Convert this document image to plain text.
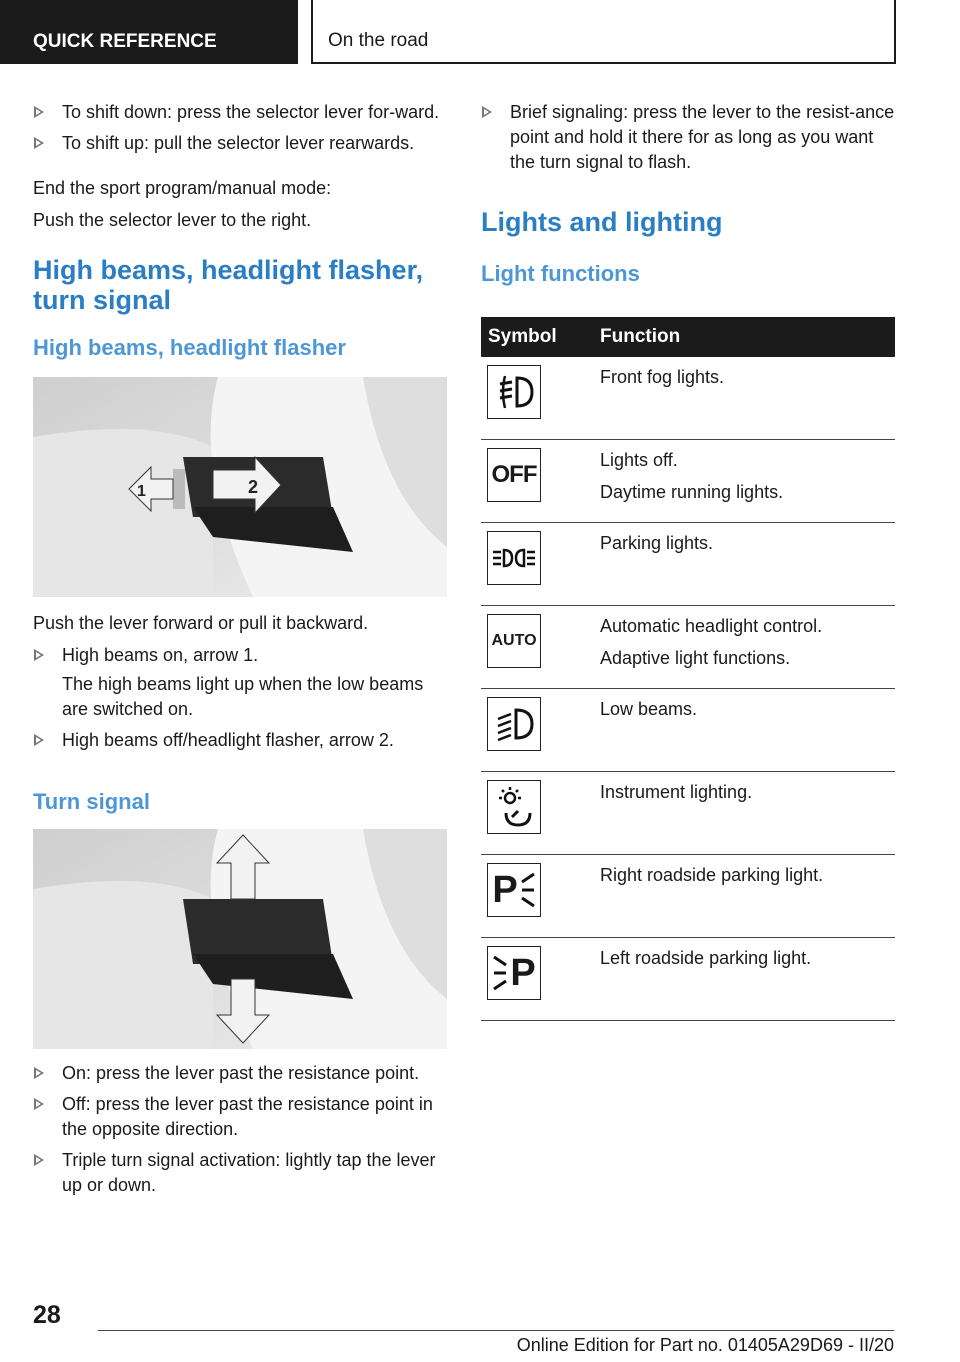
QUICK REFERENCE	On the road
To shift down: press the selector lever for-ward.
To shift up: pull the selector lever rearwards.

End the sport program/manual mode:

Push the selector lever to the right.

High beams, headlight flasher, turn signal
High beams, headlight flasher
1	2

Push the lever forward or pull it backward.

High beams on, arrow 1.
The high beams light up when the low beams are switched on.
High beams off/headlight flasher, arrow 2.
Turn signal
On: press the lever past the resistance point.
Off: press the lever past the resistance point in the opposite direction.
Triple turn signal activation: lightly tap the lever up or down.
Brief signaling: press the lever to the resist-ance point and hold it there for as long as you want the turn signal to flash.
Lights and lighting
Light functions
Symbol	Function

Front fog lights.

OFF	Lights off.
Daytime running lights.

Parking lights.

AUTO	Automatic headlight control.
Adaptive light functions.

Low beams.

Instrument lighting.

P	Right roadside parking light.

P	Left roadside parking light.
28
Online Edition for Part no. 01405A29D69 - II/20
